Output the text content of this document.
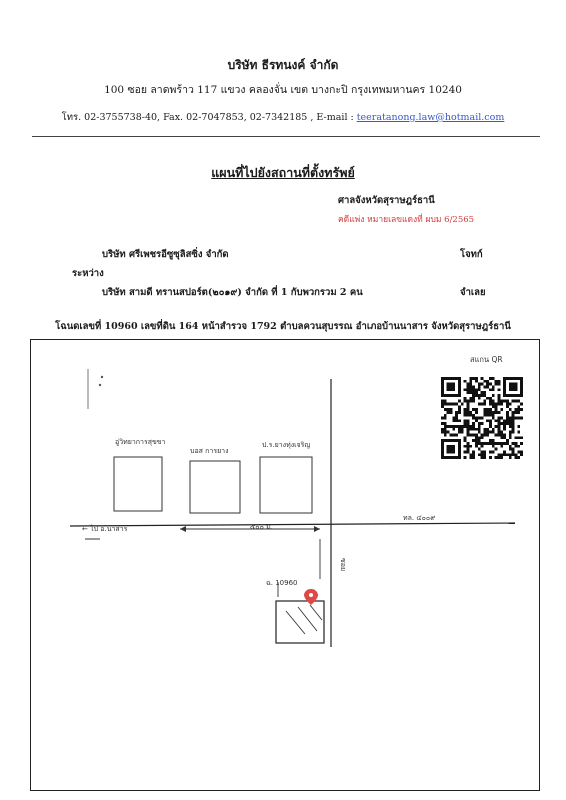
บริษัท ธีรทนงค์ จำกัด
100 ซอย ลาดพร้าว 117 แขวง คลองจั่น เขต บางกะปิ กรุงเทพมหานคร 10240
โทร. 02-3755738-40, Fax. 02-7047853, 02-7342185 , E-mail : teeratanong.law@hotmail.com
แผนที่ไปยังสถานที่ตั้งทรัพย์
ศาลจังหวัดสุราษฎร์ธานี
คดีแพ่ง หมายเลขแดงที่ ผบม 6/2565
บริษัท ศรีเพชรอีซูซุลิสซิ่ง จำกัด	โจทก์
ระหว่าง
บริษัท สามดี ทรานสปอร์ต(๒๐๑๙) จำกัด ที่ 1 กับพวกรวม 2 คน	จำเลย
โฉนดเลขที่ 10960 เลขที่ดิน 164 หน้าสำรวจ 1792 ตำบลควนสุบรรณ อำเภอบ้านนาสาร จังหวัดสุราษฎร์ธานี
อู่วิทยาการสุขขา
บอส การยาง
ป.ร.ยางทุ่งเจริญ
ทล. ๔๐๐๙
← ไป อ.นาสาร	๕๐๐ ม.
ซอย
ฉ. 10960
สแกน QR
